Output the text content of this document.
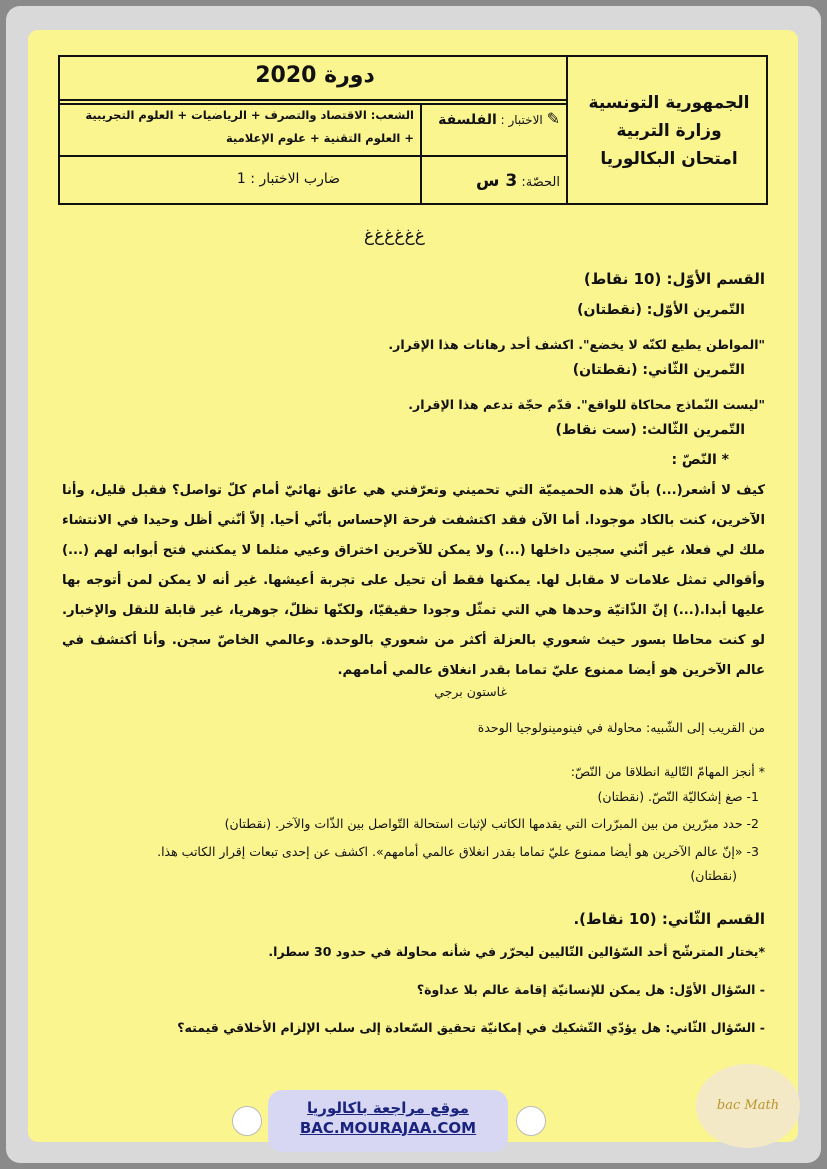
الجمهورية التونسية
وزارة التربية
امتحان البكالوريا
دورة 2020
✎ الاختبار : الفلسفة
الشعب: الاقتصاد والتصرف + الرياضيات + العلوم التجريبية
+ العلوم التقنية + علوم الإعلامية
الحصّة: 3 س
ضارب الاختبار : 1
ﻍﻍﻍﻍﻍﻍ
القسم الأوّل: (10 نقاط)
التّمرين الأوّل: (نقطتان)
"المواطن يطيع لكنّه لا يخضع". اكشف أحد رهانات هذا الإقرار.
التّمرين الثّاني: (نقطتان)
"ليست النّماذج محاكاة للواقع". قدّم حجّة تدعم هذا الإقرار.
التّمرين الثّالث: (ست نقاط)
* النّصّ :
كيف لا أشعر(...) بأنّ هذه الحميميّة التي تحميني وتعرّفني هي عائق نهائيّ أمام كلّ تواصل؟ فقبل قليل، وأنا
الآخرين، كنت بالكاد موجودا. أما الآن فقد اكتشفت فرحة الإحساس بأنّي أحيا. إلاّ أنّني أظل وحيدا في الانتشاء
ملك لي فعلا، غير أنّني سجين داخلها (...) ولا يمكن للآخرين اختراق وعيي مثلما لا يمكنني فتح أبوابه لهم (...)
وأقوالي تمثل علامات لا مقابل لها. يمكنها فقط أن تحيل على تجربة أعيشها. غير أنه لا يمكن لمن أتوجه بها
عليها أبدا.(...) إنّ الذّاتيّة وحدها هي التي تمثّل وجودا حقيقيّا، ولكنّها تظلّ، جوهريا، غير قابلة للنقل والإخبار.
لو كنت محاطا بسور حيث شعوري بالعزلة أكثر من شعوري بالوحدة. وعالمي الخاصّ سجن. وأنا أكتشف في
عالم الآخرين هو أيضا ممنوع عليّ تماما بقدر انغلاق عالمي أمامهم.
غاستون برجي
من القريب إلى الشّبيه: محاولة في فينومينولوجيا الوحدة
* أنجز المهامّ التّالية انطلاقا من النّصّ:
1- صغ إشكاليّة النّصّ. (نقطتان)
2- حدد مبرّرين من بين المبرّرات التي يقدمها الكاتب لإثبات استحالة التّواصل بين الذّات والآخر. (نقطتان)
3- «إنّ عالم الآخرين هو أيضا ممنوع عليّ تماما بقدر انغلاق عالمي أمامهم». اكشف عن إحدى تبعات إقرار الكاتب هذا.
(نقطتان)
القسم الثّاني: (10 نقاط).
*يختار المترشّح أحد السّؤالين التّاليين ليحرّر في شأنه محاولة في حدود 30 سطرا.
- السّؤال الأوّل: هل يمكن للإنسانيّة إقامة عالم بلا عداوة؟
- السّؤال الثّاني: هل يؤدّي التّشكيك في إمكانيّة تحقيق السّعادة إلى سلب الإلزام الأخلاقي قيمته؟
موقع مراجعة باكالوريا
BAC.MOURAJAA.COM
bac Math
